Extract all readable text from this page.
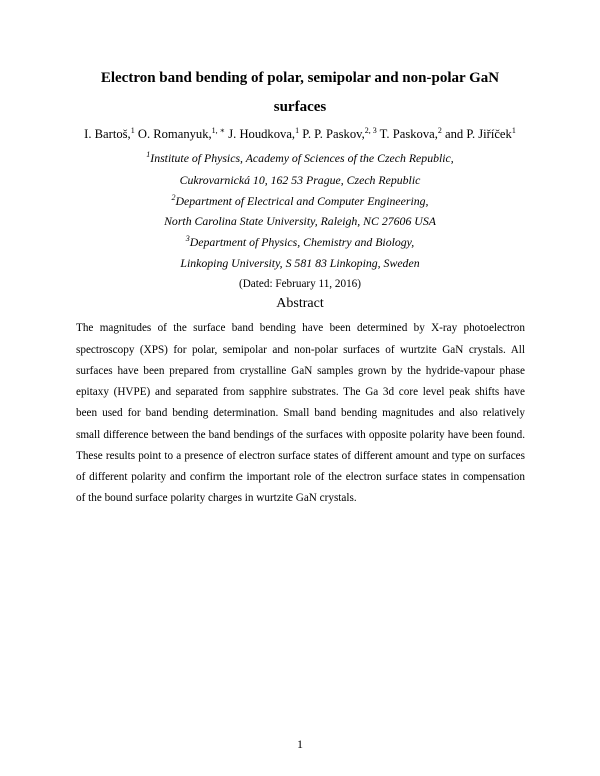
Electron band bending of polar, semipolar and non-polar GaN
surfaces
I. Bartoš,$^1$ O. Romanyuk,$^{1, ∗}$ J. Houdkova,$^1$ P. P. Paskov,$^{2, 3}$ T. Paskova,$^2$ and P. Jiříček$^1$
$^1$Institute of Physics, Academy of Sciences of the Czech Republic,
Cukrovarnická 10, 162 53 Prague, Czech Republic
$^2$Department of Electrical and Computer Engineering,
North Carolina State University, Raleigh, NC 27606 USA
$^3$Department of Physics, Chemistry and Biology,
Linkoping University, S 581 83 Linkoping, Sweden
(Dated: February 11, 2016)
Abstract
The magnitudes of the surface band bending have been determined by X-ray photoelectron
spectroscopy (XPS) for polar, semipolar and non-polar surfaces of wurtzite GaN crystals. All
surfaces have been prepared from crystalline GaN samples grown by the hydride-vapour phase
epitaxy (HVPE) and separated from sapphire substrates. The Ga 3d core level peak shifts have
been used for band bending determination. Small band bending magnitudes and also relatively
small difference between the band bendings of the surfaces with opposite polarity have been found.
These results point to a presence of electron surface states of different amount and type on surfaces
of different polarity and confirm the important role of the electron surface states in compensation
of the bound surface polarity charges in wurtzite GaN crystals.
1
